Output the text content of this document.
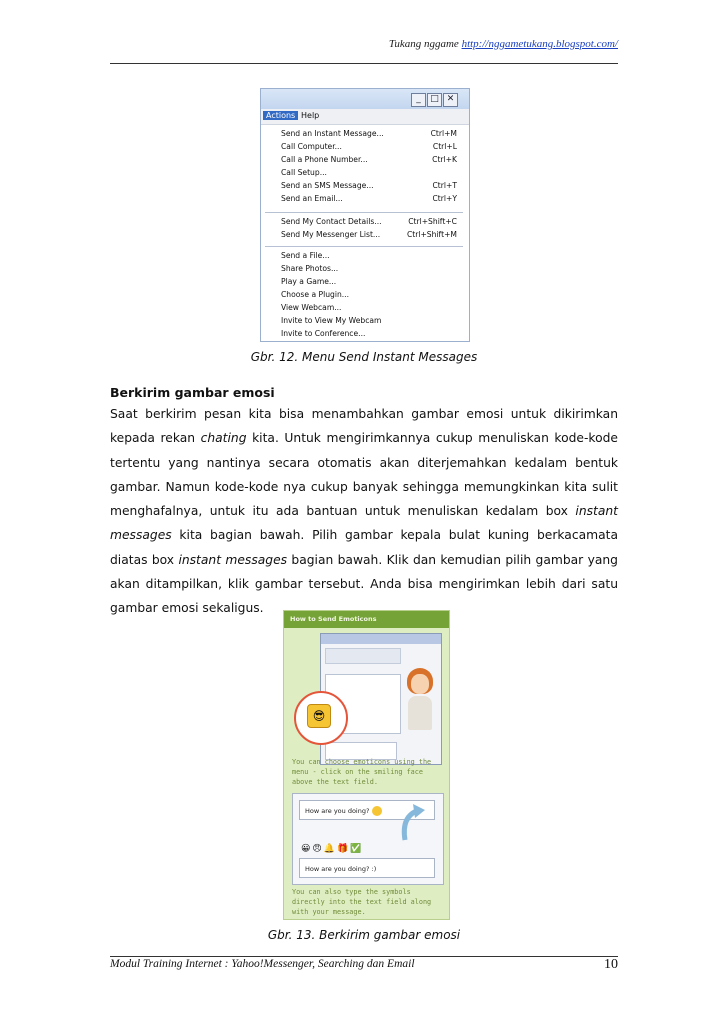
Tukang nggame http://nggametukang.blogspot.com/
_	□ ✕
Actions Help
Send an Instant Message...	Ctrl+M
Call Computer...	Ctrl+L
Call a Phone Number...	Ctrl+K
Call Setup...
Send an SMS Message...	Ctrl+T
Send an Email...	Ctrl+Y
Send My Contact Details...	Ctrl+Shift+C
Send My Messenger List...	Ctrl+Shift+M
Send a File...
Share Photos...
Play a Game...
Choose a Plugin...
View Webcam...
Invite to View My Webcam
Invite to Conference...
Gbr. 12. Menu Send Instant Messages
Berkirim gambar emosi
Saat berkirim pesan kita bisa menambahkan gambar emosi untuk dikirimkan kepada rekan chating kita. Untuk mengirimkannya cukup menuliskan kode-kode tertentu yang nantinya secara otomatis akan diterjemahkan kedalam bentuk gambar. Namun kode-kode nya cukup banyak sehingga memungkinkan kita sulit menghafalnya, untuk itu ada bantuan untuk menuliskan kedalam box instant messages kita bagian bawah. Pilih gambar kepala bulat kuning berkacamata diatas box instant messages bagian bawah. Klik dan kemudian pilih gambar yang akan ditampilkan, klik gambar tersebut. Anda bisa mengirimkan lebih dari satu gambar emosi sekaligus.
How to Send Emoticons
😎
You can choose emoticons using the menu - click on the smiling face above the text field.
How are you doing?
😀😠🔔🎁✅
How are you doing? :)
You can also type the symbols directly into the text field along with your message.
Gbr. 13. Berkirim gambar emosi
Modul Training Internet : Yahoo!Messenger, Searching dan Email	10
